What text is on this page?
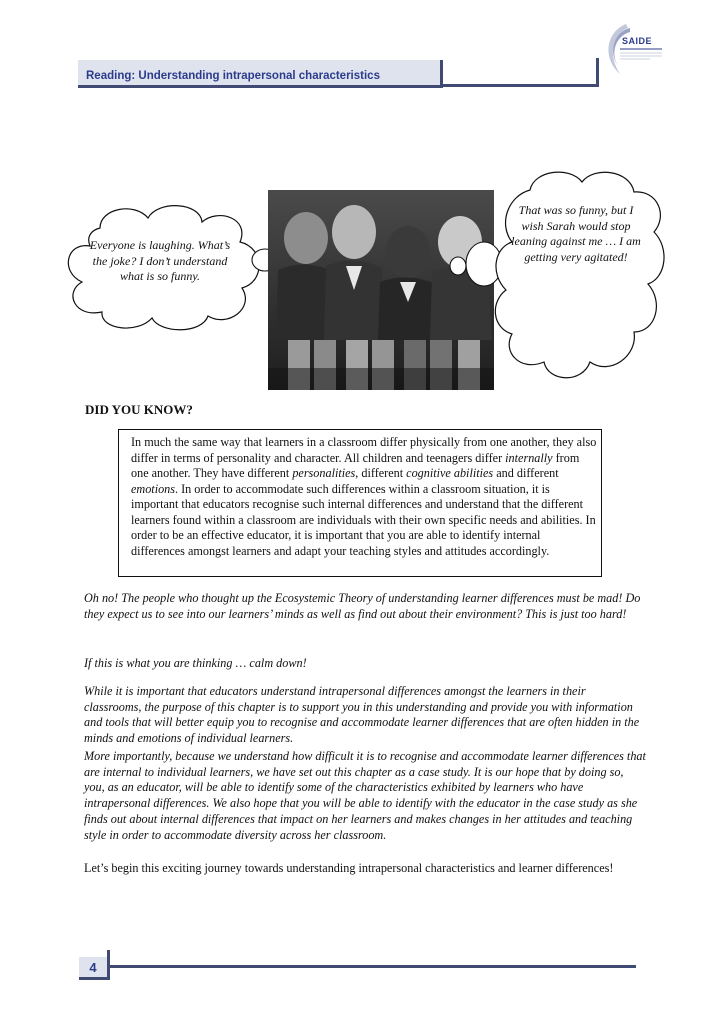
Reading: Understanding intrapersonal characteristics
SAIDE
Everyone is laughing. What’s the joke? I don’t understand what is so funny.
That was so funny, but I wish Sarah would stop leaning against me … I am getting very agitated!
DID YOU KNOW?

In much the same way that learners in a classroom differ physically from one another, they also differ in terms of personality and character. All children and teenagers differ internally from one another. They have different personalities, different cognitive abilities and different emotions. In order to accommodate such differences within a classroom situation, it is important that educators recognise such internal differences and understand that the different learners found within a classroom are individuals with their own specific needs and abilities. In order to be an effective educator, it is important that you are able to identify internal differences amongst learners and adapt your teaching styles and attitudes accordingly.

Oh no! The people who thought up the Ecosystemic Theory of understanding learner differences must be mad! Do they expect us to see into our learners’ minds as well as find out about their environment? This is just too hard!

If this is what you are thinking … calm down!

While it is important that educators understand intrapersonal differences amongst the learners in their classrooms, the purpose of this chapter is to support you in this understanding and provide you with information and tools that will better equip you to recognise and accommodate learner differences that are often hidden in the minds and emotions of individual learners.

More importantly, because we understand how difficult it is to recognise and accommodate learner differences that are internal to individual learners, we have set out this chapter as a case study. It is our hope that by doing so, you, as an educator, will be able to identify some of the characteristics exhibited by learners who have intrapersonal differences. We also hope that you will be able to identify with the educator in the case study as she finds out about internal differences that impact on her learners and makes changes in her attitudes and teaching style in order to accommodate diversity across her classroom.

Let’s begin this exciting journey towards understanding intrapersonal characteristics and learner differences!

4
